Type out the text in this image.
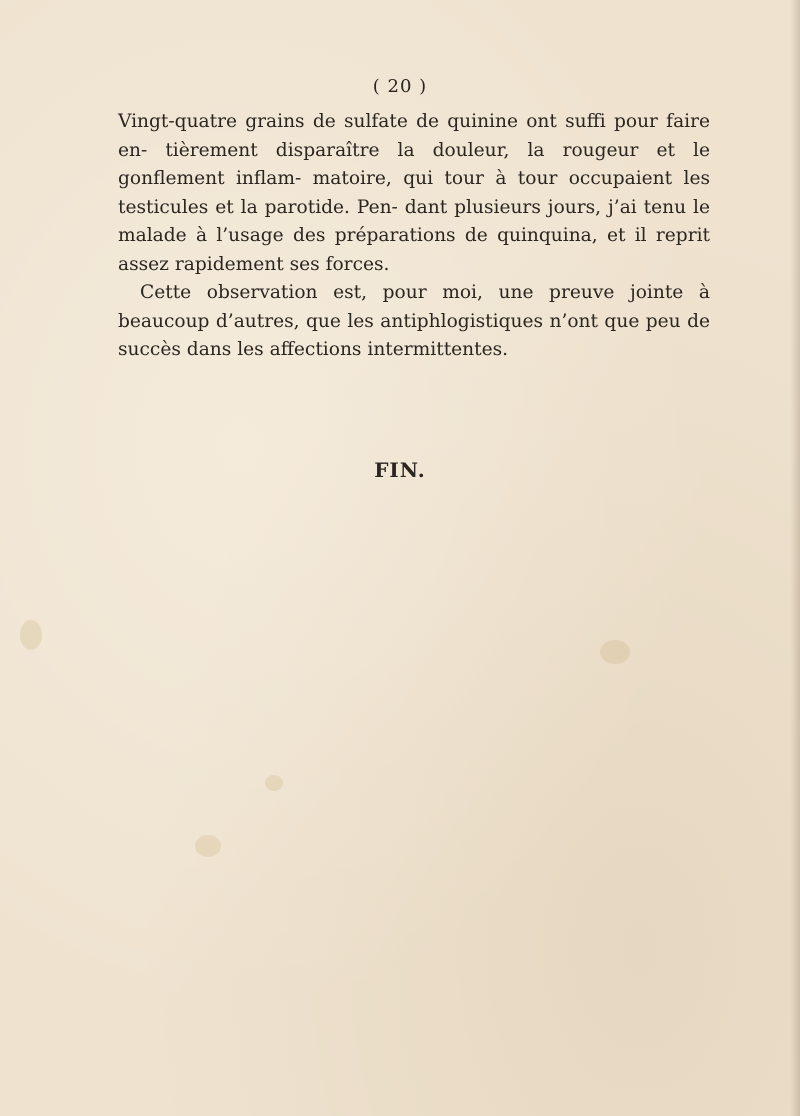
( 20 )

Vingt-quatre grains de sulfate de quinine ont suffi pour faire en- tièrement disparaître la douleur, la rougeur et le gonflement inflam- matoire, qui tour à tour occupaient les testicules et la parotide. Pen- dant plusieurs jours, j’ai tenu le malade à l’usage des préparations de quinquina, et il reprit assez rapidement ses forces.

Cette observation est, pour moi, une preuve jointe à beaucoup d’autres, que les antiphlogistiques n’ont que peu de succès dans les affections intermittentes.

FIN.
